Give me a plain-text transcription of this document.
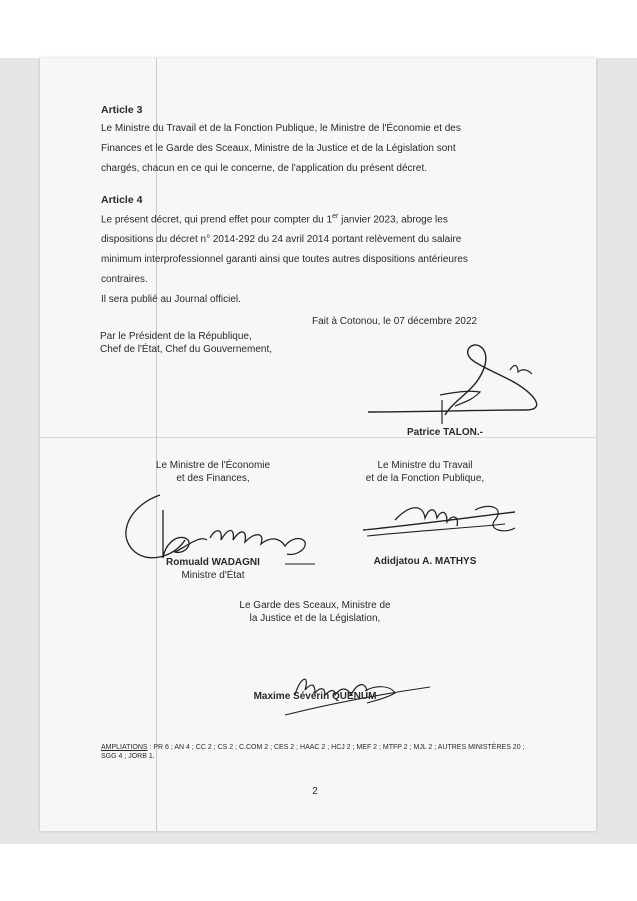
Article 3
Le Ministre du Travail et de la Fonction Publique, le Ministre de l'Économie et des
Finances et le Garde des Sceaux, Ministre de la Justice et de la Législation sont
chargés, chacun en ce qui le concerne, de l'application du présent décret.
Article 4
Le présent décret, qui prend effet pour compter du 1er janvier 2023, abroge les
dispositions du décret n° 2014-292 du 24 avril 2014 portant relèvement du salaire
minimum interprofessionnel garanti ainsi que toutes autres dispositions antérieures
contraires.
Il sera publié au Journal officiel.
Fait à Cotonou, le 07 décembre 2022
Par le Président de la République,
Chef de l'État, Chef du Gouvernement,
Patrice TALON.-
Le Ministre de l'Économie
et des Finances,
Romuald WADAGNI
Ministre d'État
Le Ministre du Travail
et de la Fonction Publique,
Adidjatou A. MATHYS
Le Garde des Sceaux, Ministre de
la Justice et de la Législation,
Maxime Sévérin QUENUM
AMPLIATIONS : PR 6 ; AN 4 ; CC 2 ; CS 2 ; C.COM 2 ; CES 2 ; HAAC 2 ; HCJ 2 ; MEF 2 ; MTFP 2 ; MJL 2 ; AUTRES MINISTÈRES 20 ; SGG 4 ; JORB 1.
2
